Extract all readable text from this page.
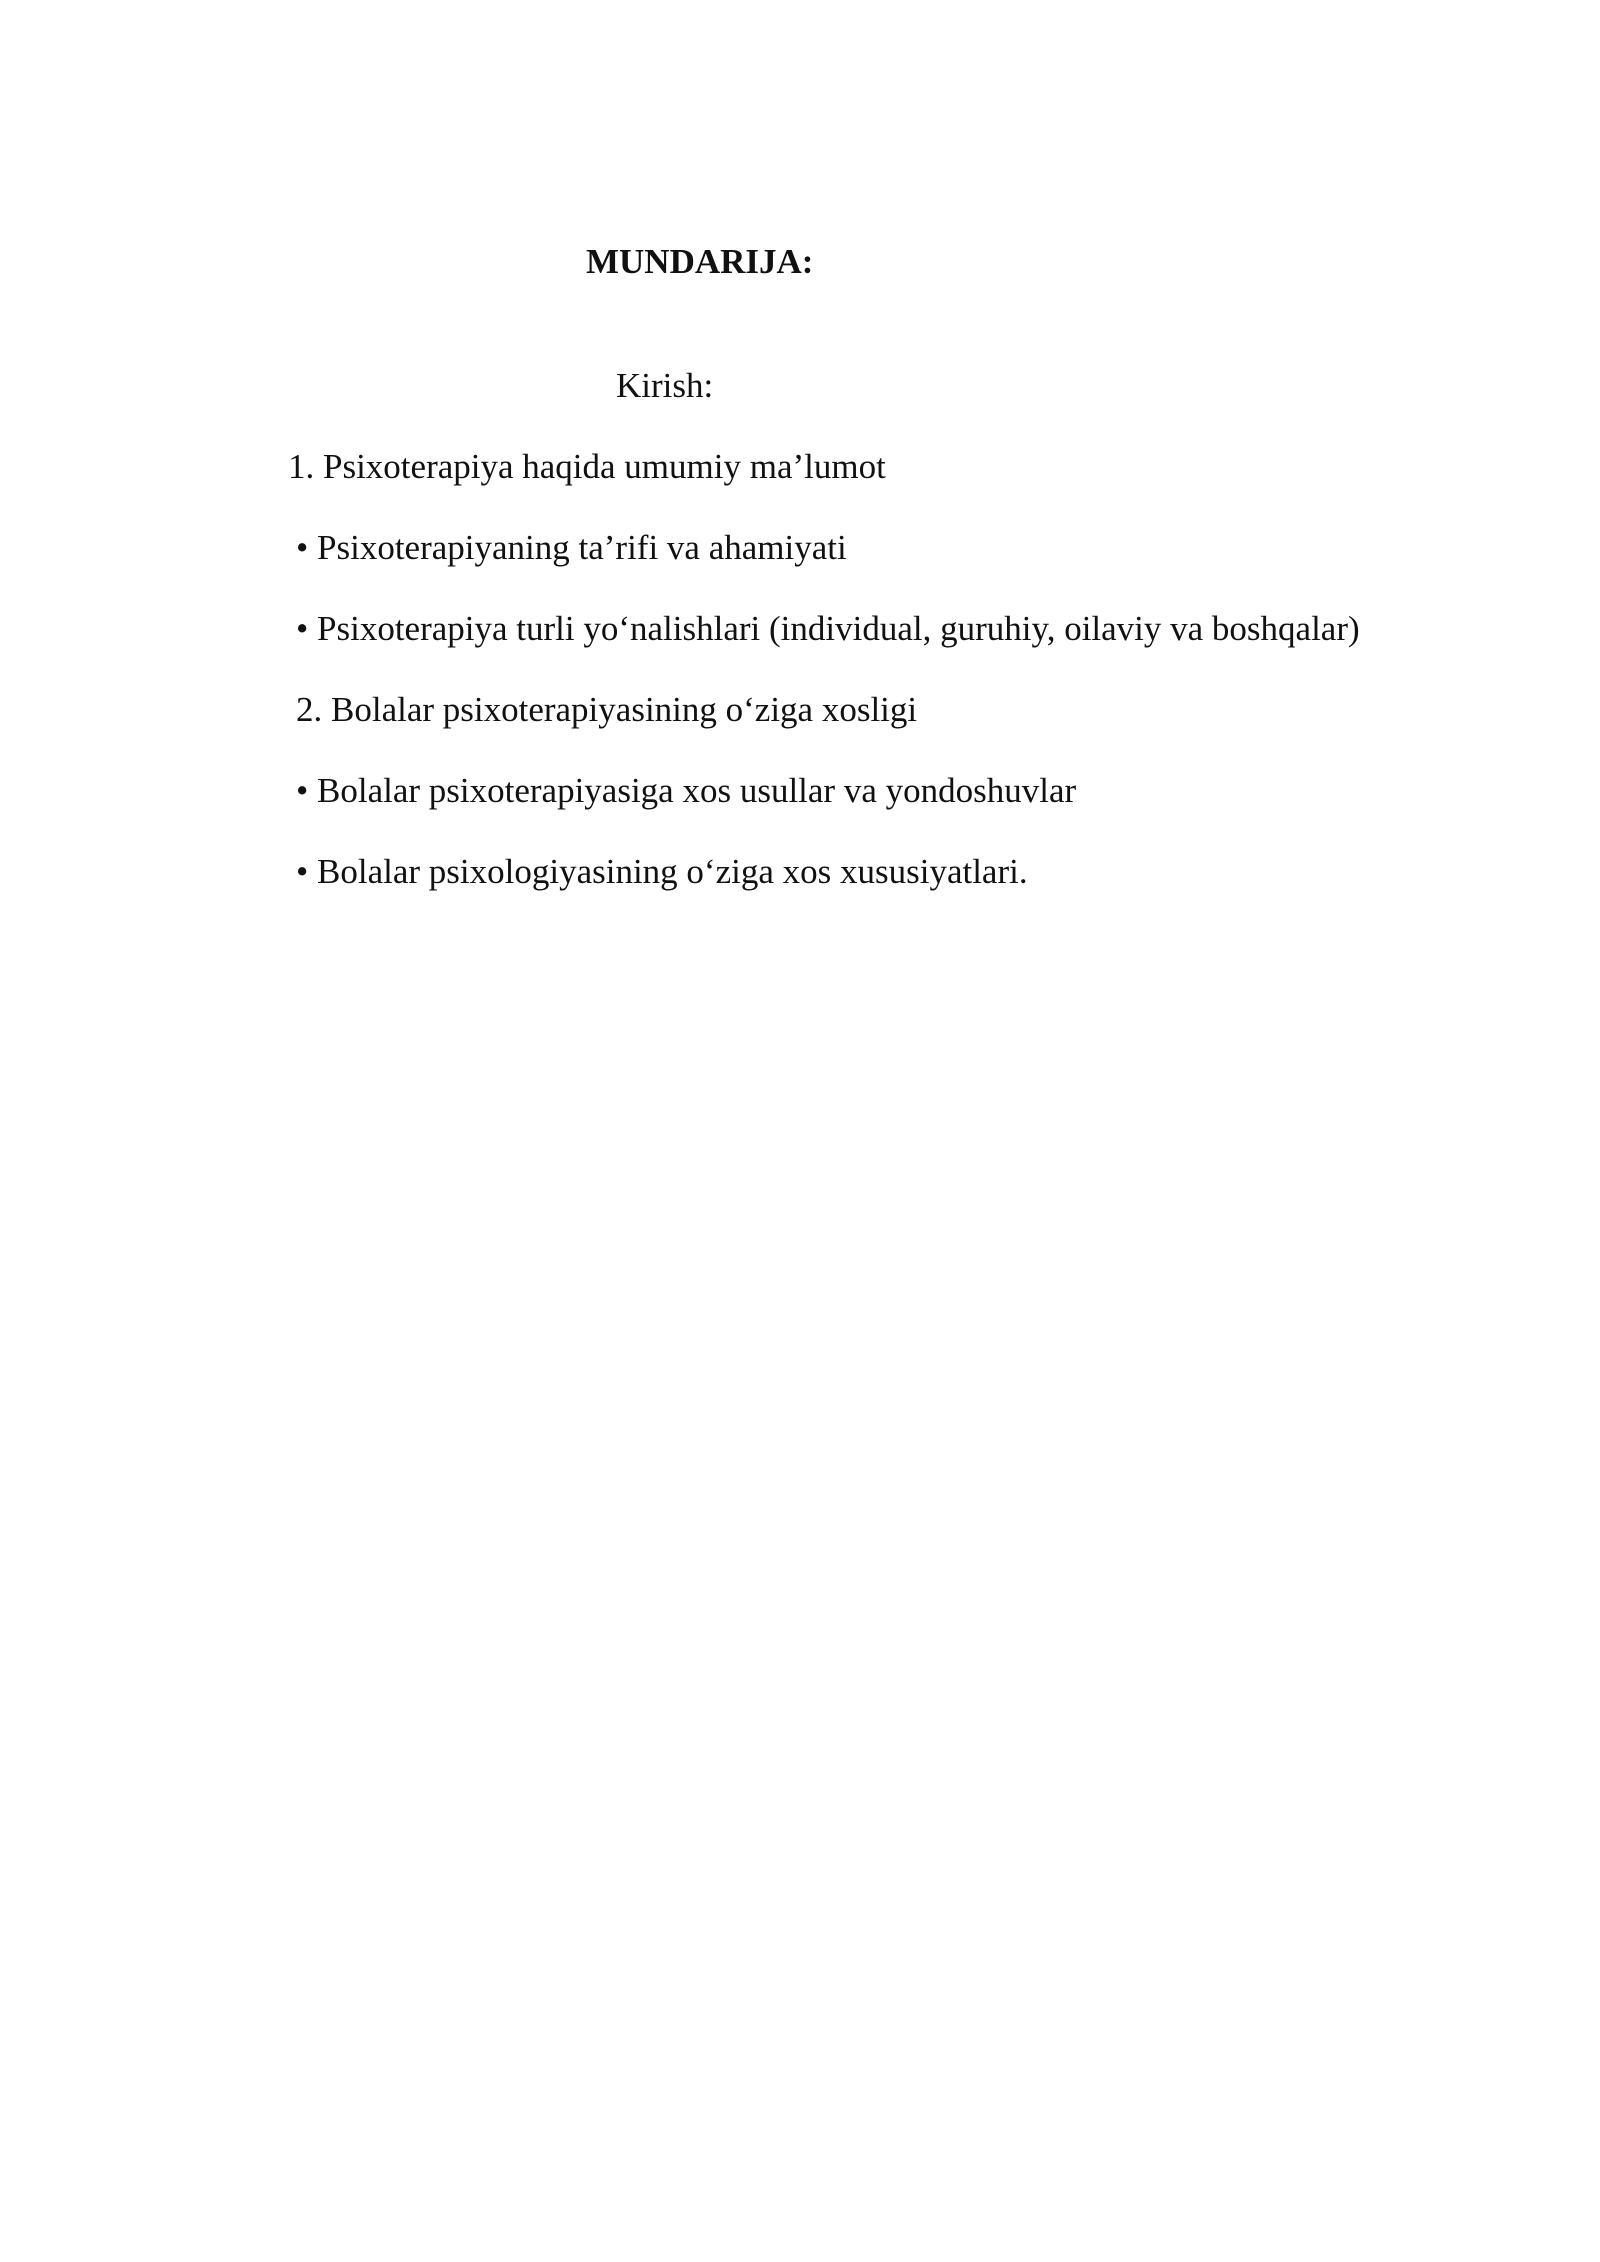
MUNDARIJA:
Kirish:
1. Psixoterapiya haqida umumiy ma’lumot
• Psixoterapiyaning ta’rifi va ahamiyati
• Psixoterapiya turli yo‘nalishlari (individual, guruhiy, oilaviy va boshqalar)
2. Bolalar psixoterapiyasining o‘ziga xosligi
• Bolalar psixoterapiyasiga xos usullar va yondoshuvlar
• Bolalar psixologiyasining o‘ziga xos xususiyatlari.
